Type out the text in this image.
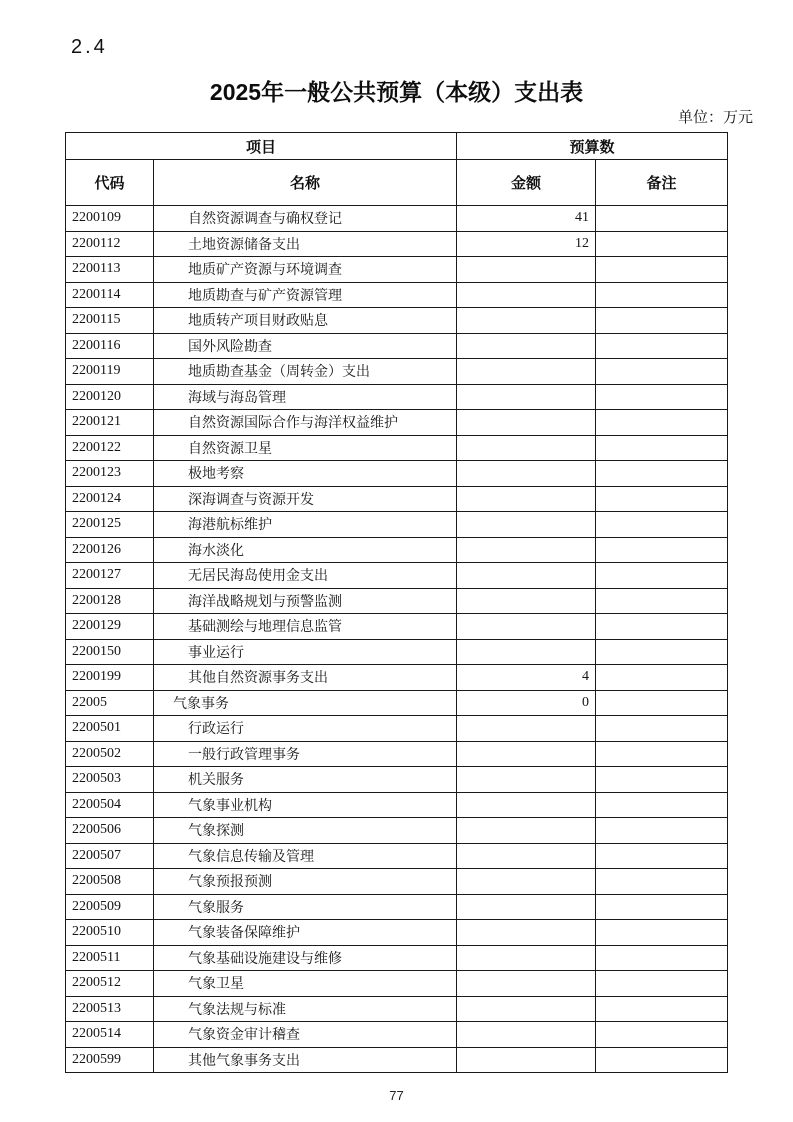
2.4
2025年一般公共预算（本级）支出表
单位：万元
项目		预算数	
代码	名称	金额	备注
2200109	自然资源调查与确权登记	41	
2200112	土地资源储备支出	12	
2200113	地质矿产资源与环境调查		
2200114	地质勘查与矿产资源管理		
2200115	地质转产项目财政贴息		
2200116	国外风险勘查		
2200119	地质勘查基金（周转金）支出		
2200120	海域与海岛管理		
2200121	自然资源国际合作与海洋权益维护		
2200122	自然资源卫星		
2200123	极地考察		
2200124	深海调查与资源开发		
2200125	海港航标维护		
2200126	海水淡化		
2200127	无居民海岛使用金支出		
2200128	海洋战略规划与预警监测		
2200129	基础测绘与地理信息监管		
2200150	事业运行		
2200199	其他自然资源事务支出	4	
22005	气象事务	0	
2200501	行政运行		
2200502	一般行政管理事务		
2200503	机关服务		
2200504	气象事业机构		
2200506	气象探测		
2200507	气象信息传输及管理		
2200508	气象预报预测		
2200509	气象服务		
2200510	气象装备保障维护		
2200511	气象基础设施建设与维修		
2200512	气象卫星		
2200513	气象法规与标准		
2200514	气象资金审计稽查		
2200599	其他气象事务支出		
77
